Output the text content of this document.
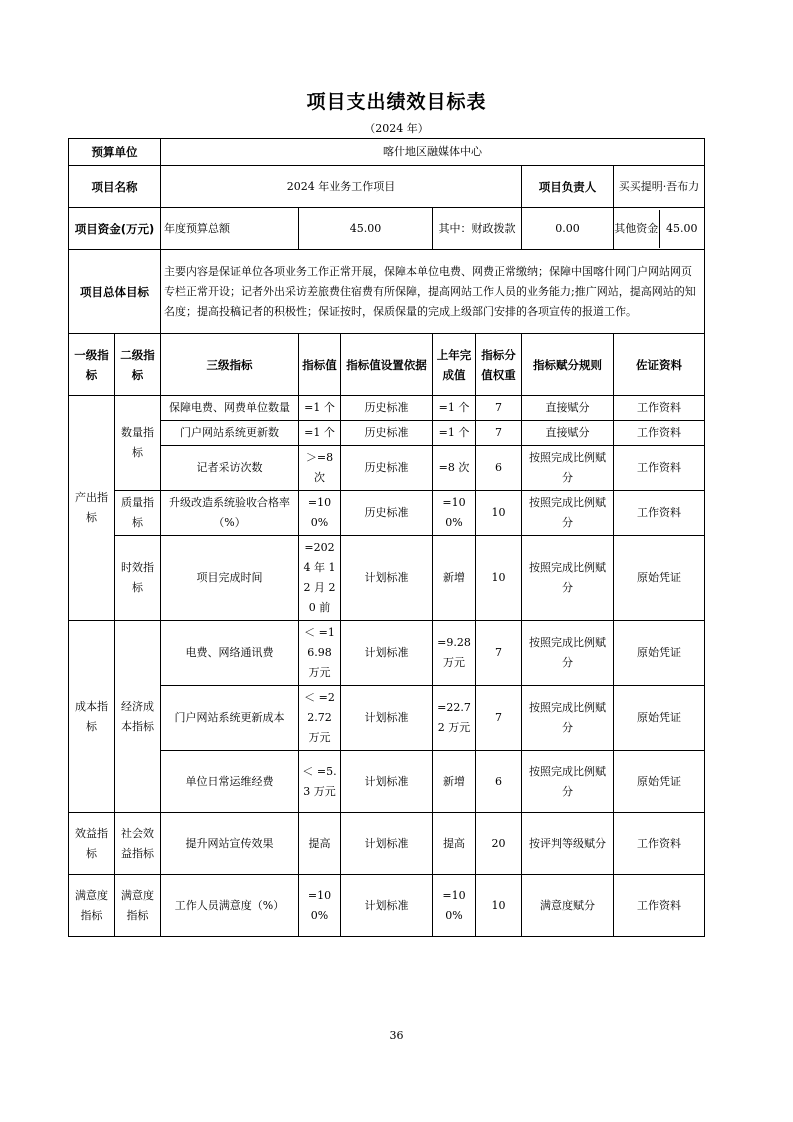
项目支出绩效目标表
（2024 年）
预算单位		喀什地区融媒体中心						
项目名称		2024 年业务工作项目					项目负责人	买买提明·吾布力
项目资金(万元)		年度预算总额	45.00		其中：财政拨款		0.00	其他资金 45.00

项目总体目标		主要内容是保证单位各项业务工作正常开展，保障本单位电费、网费正常缴纳；保障中国喀什网门户网站网页专栏正常开设；记者外出采访差旅费住宿费有所保障，提高网站工作人员的业务能力;推广网站，提高网站的知名度；提高投稿记者的积极性；保证按时，保质保量的完成上级部门安排的各项宣传的报道工作。						
一级指标	二级指标	三级指标	指标值	指标值设置依据	上年完成值	指标分值权重	指标赋分规则	佐证资料
产出指标	数量指标	保障电费、网费单位数量	=1 个	历史标准	=1 个	7	直接赋分	工作资料
		门户网站系统更新数	=1 个	历史标准	=1 个	7	直接赋分	工作资料
		记者采访次数	＞=8 次	历史标准	=8 次	6	按照完成比例赋分	工作资料
	质量指标	升级改造系统验收合格率（%）	=100%	历史标准	=100%	10	按照完成比例赋分	工作资料
	时效指标	项目完成时间	=2024 年 12 月 20 前	计划标准	新增	10	按照完成比例赋分	原始凭证
成本指标	经济成本指标	电费、网络通讯费	＜ =16.98 万元	计划标准	=9.28 万元	7	按照完成比例赋分	原始凭证
		门户网站系统更新成本	＜ =22.72 万元	计划标准	=22.72 万元	7	按照完成比例赋分	原始凭证
		单位日常运维经费	＜ =5.3 万元	计划标准	新增	6	按照完成比例赋分	原始凭证
效益指标	社会效益指标	提升网站宣传效果	提高	计划标准	提高	20	按评判等级赋分	工作资料
满意度指标	满意度指标	工作人员满意度（%）	=100%	计划标准	=100%	10	满意度赋分	工作资料
36
